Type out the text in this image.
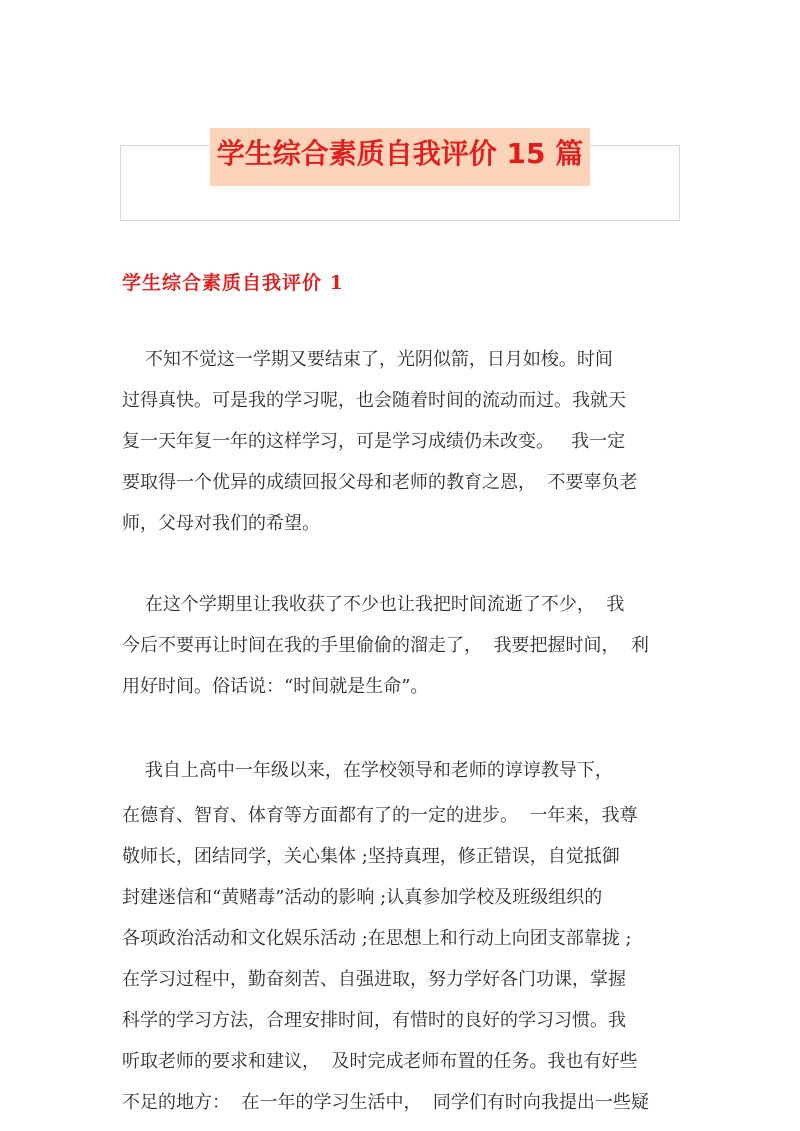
学生综合素质自我评价 15 篇
学生综合素质自我评价 1
不知不觉这一学期又要结束了，光阴似箭，日月如梭。时间
过得真快。可是我的学习呢，也会随着时间的流动而过。我就天
复一天年复一年的这样学习，可是学习成绩仍未改变。   我一定
要取得一个优异的成绩回报父母和老师的教育之恩，  不要辜负老
师，父母对我们的希望。
在这个学期里让我收获了不少也让我把时间流逝了不少，  我
今后不要再让时间在我的手里偷偷的溜走了，  我要把握时间，  利
用好时间。俗话说：“时间就是生命”。
我自上高中一年级以来，在学校领导和老师的谆谆教导下，
在德育、智育、体育等方面都有了的一定的进步。  一年来，我尊
敬师长，团结同学，关心集体 ;坚持真理，修正错误，自觉抵御
封建迷信和“黄赌毒”活动的影响 ;认真参加学校及班级组织的
各项政治活动和文化娱乐活动 ;在思想上和行动上向团支部靠拢 ;
在学习过程中，勤奋刻苦、自强进取，努力学好各门功课，掌握
科学的学习方法，合理安排时间，有惜时的良好的学习习惯。我
听取老师的要求和建议，  及时完成老师布置的任务。我也有好些
不足的地方：  在一年的学习生活中，  同学们有时向我提出一些疑
